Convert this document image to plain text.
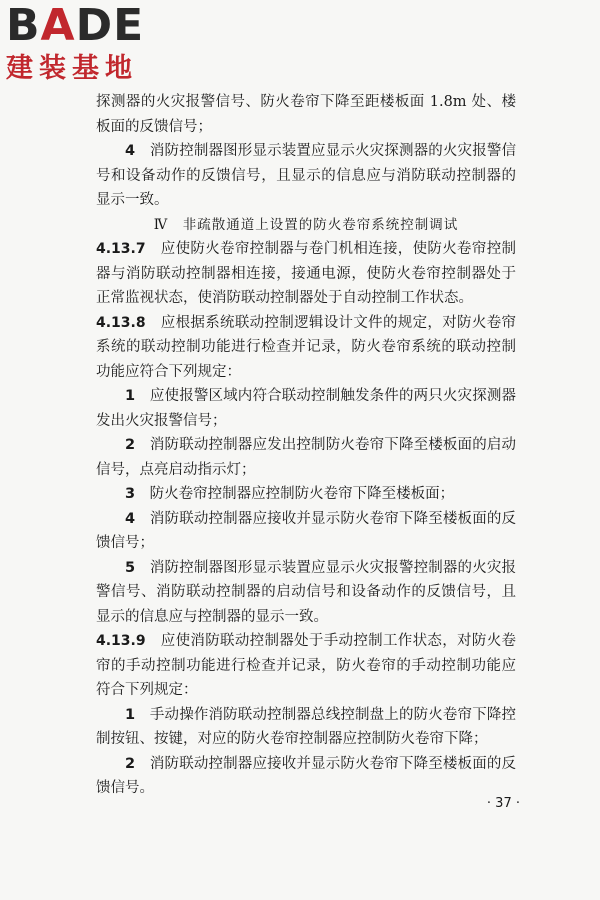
BADE
建装基地

探测器的火灾报警信号、防火卷帘下降至距楼板面 1.8m 处、楼板面的反馈信号；

4　 消防控制器图形显示装置应显示火灾探测器的火灾报警信号和设备动作的反馈信号，且显示的信息应与消防联动控制器的显示一致。

Ⅳ　非疏散通道上设置的防火卷帘系统控制调试

4.13.7　 应使防火卷帘控制器与卷门机相连接，使防火卷帘控制器与消防联动控制器相连接，接通电源，使防火卷帘控制器处于正常监视状态，使消防联动控制器处于自动控制工作状态。

4.13.8　 应根据系统联动控制逻辑设计文件的规定，对防火卷帘系统的联动控制功能进行检查并记录，防火卷帘系统的联动控制功能应符合下列规定：

1　 应使报警区域内符合联动控制触发条件的两只火灾探测器发出火灾报警信号；

2　 消防联动控制器应发出控制防火卷帘下降至楼板面的启动信号，点亮启动指示灯；

3　 防火卷帘控制器应控制防火卷帘下降至楼板面；

4　 消防联动控制器应接收并显示防火卷帘下降至楼板面的反馈信号；

5　 消防控制器图形显示装置应显示火灾报警控制器的火灾报警信号、消防联动控制器的启动信号和设备动作的反馈信号，且显示的信息应与控制器的显示一致。

4.13.9　 应使消防联动控制器处于手动控制工作状态，对防火卷帘的手动控制功能进行检查并记录，防火卷帘的手动控制功能应符合下列规定：

1　 手动操作消防联动控制器总线控制盘上的防火卷帘下降控制按钮、按键，对应的防火卷帘控制器应控制防火卷帘下降；

2　 消防联动控制器应接收并显示防火卷帘下降至楼板面的反馈信号。

· 37 ·
